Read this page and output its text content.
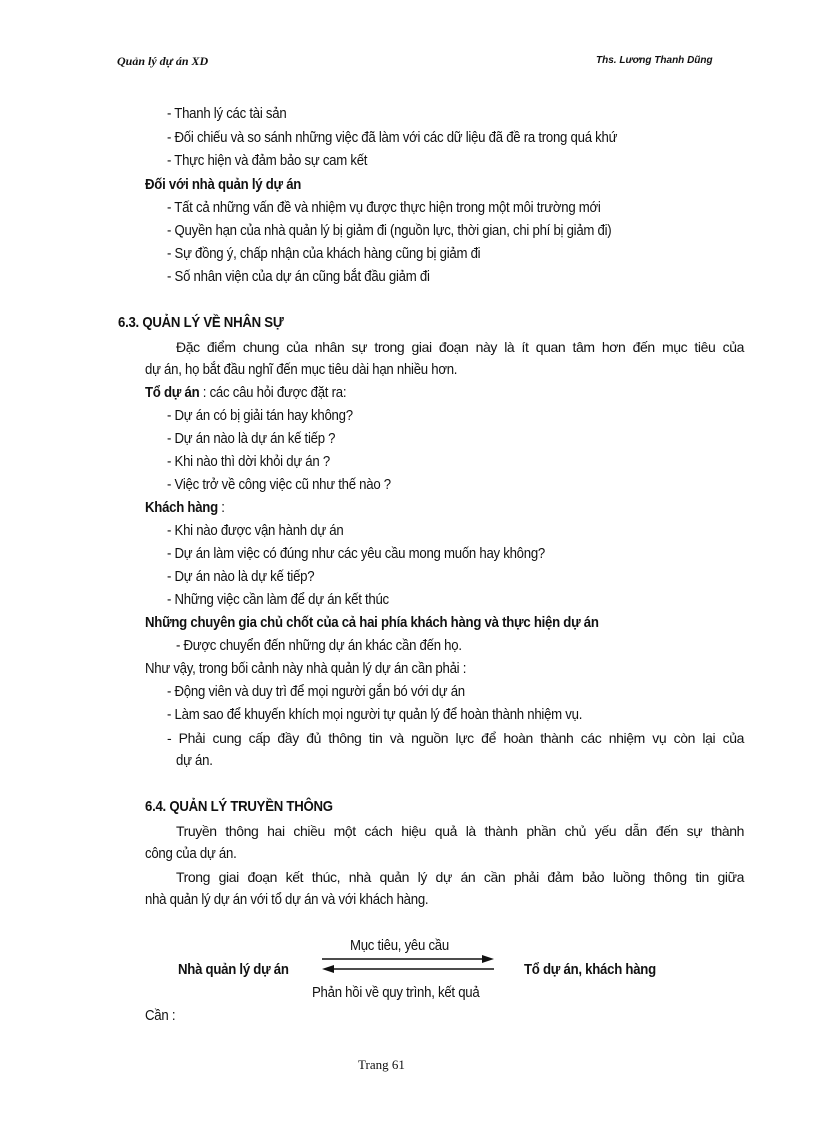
Quản lý dự án XD	Ths. Lương Thanh Dũng
- Thanh lý các tài sản
- Đối chiếu và so sánh những việc đã làm với các dữ liệu đã đề ra trong quá khứ
- Thực hiện và đảm bảo sự cam kết
Đối với nhà quản lý dự án
- Tất cả những vấn đề và nhiệm vụ được thực hiện trong một môi trường mới
- Quyền hạn của nhà quản lý bị giảm đi (nguồn lực, thời gian, chi phí bị giảm đi)
- Sự đồng ý, chấp nhận của khách hàng cũng bị giảm đi
- Số nhân viện của dự án cũng bắt đầu giảm đi
6.3. QUẢN LÝ VỀ NHÂN SỰ
Đặc điểm chung của nhân sự trong giai đoạn này là ít quan tâm hơn đến mục tiêu của
dự án, họ bắt đầu nghĩ đến mục tiêu dài hạn nhiều hơn.
Tổ dự án : các câu hỏi được đặt ra:
- Dự án có bị giải tán hay không?
- Dự án nào là dự án kế tiếp ?
- Khi nào thì dời khỏi dự án ?
- Việc trở về công việc cũ như thế nào ?
Khách hàng :
- Khi nào được vận hành dự án
- Dự án làm việc có đúng như các yêu cầu mong muốn hay không?
- Dự án nào là dự kế tiếp?
- Những việc cần làm để dự án kết thúc
Những chuyên gia chủ chốt của cả hai phía khách hàng và thực hiện dự án
- Được chuyển đến những dự án khác cần đến họ.
Như vậy, trong bối cảnh này nhà quản lý dự án cần phải :
- Động viên và duy trì để mọi người gắn bó với dự án
- Làm sao để khuyến khích mọi người tự quản lý để hoàn thành nhiệm vụ.
- Phải cung cấp đầy đủ thông tin và nguồn lực để hoàn thành các nhiệm vụ còn lại của
dự án.
6.4. QUẢN LÝ TRUYỀN THÔNG
Truyền thông hai chiều một cách hiệu quả là thành phần chủ yếu dẫn đến sự thành
công của dự án.
Trong giai đoạn kết thúc, nhà quản lý dự án cần phải đảm bảo luồng thông tin giữa
nhà quản lý dự án với tổ dự án và với khách hàng.
Mục tiêu, yêu cầu
Nhà quản lý dự án	Tổ dự án, khách hàng
Phản hồi về quy trình, kết quả
Cần :
Trang 61
